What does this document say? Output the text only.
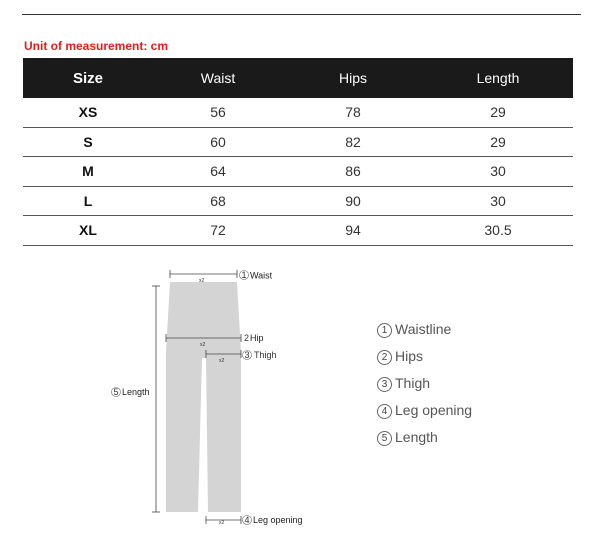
Unit of measurement: cm
Size	Waist	Hips	Length
XS	56	78	29
S	60	82	29
M	64	86	30
L	68	90	30
XL	72	94	30.5
x2
1 Waist
x2
2 Hip
x2
3 Thigh
5 Length
x2 4 Leg opening
1 Waistline
2 Hips
3 Thigh
4 Leg opening
5 Length
